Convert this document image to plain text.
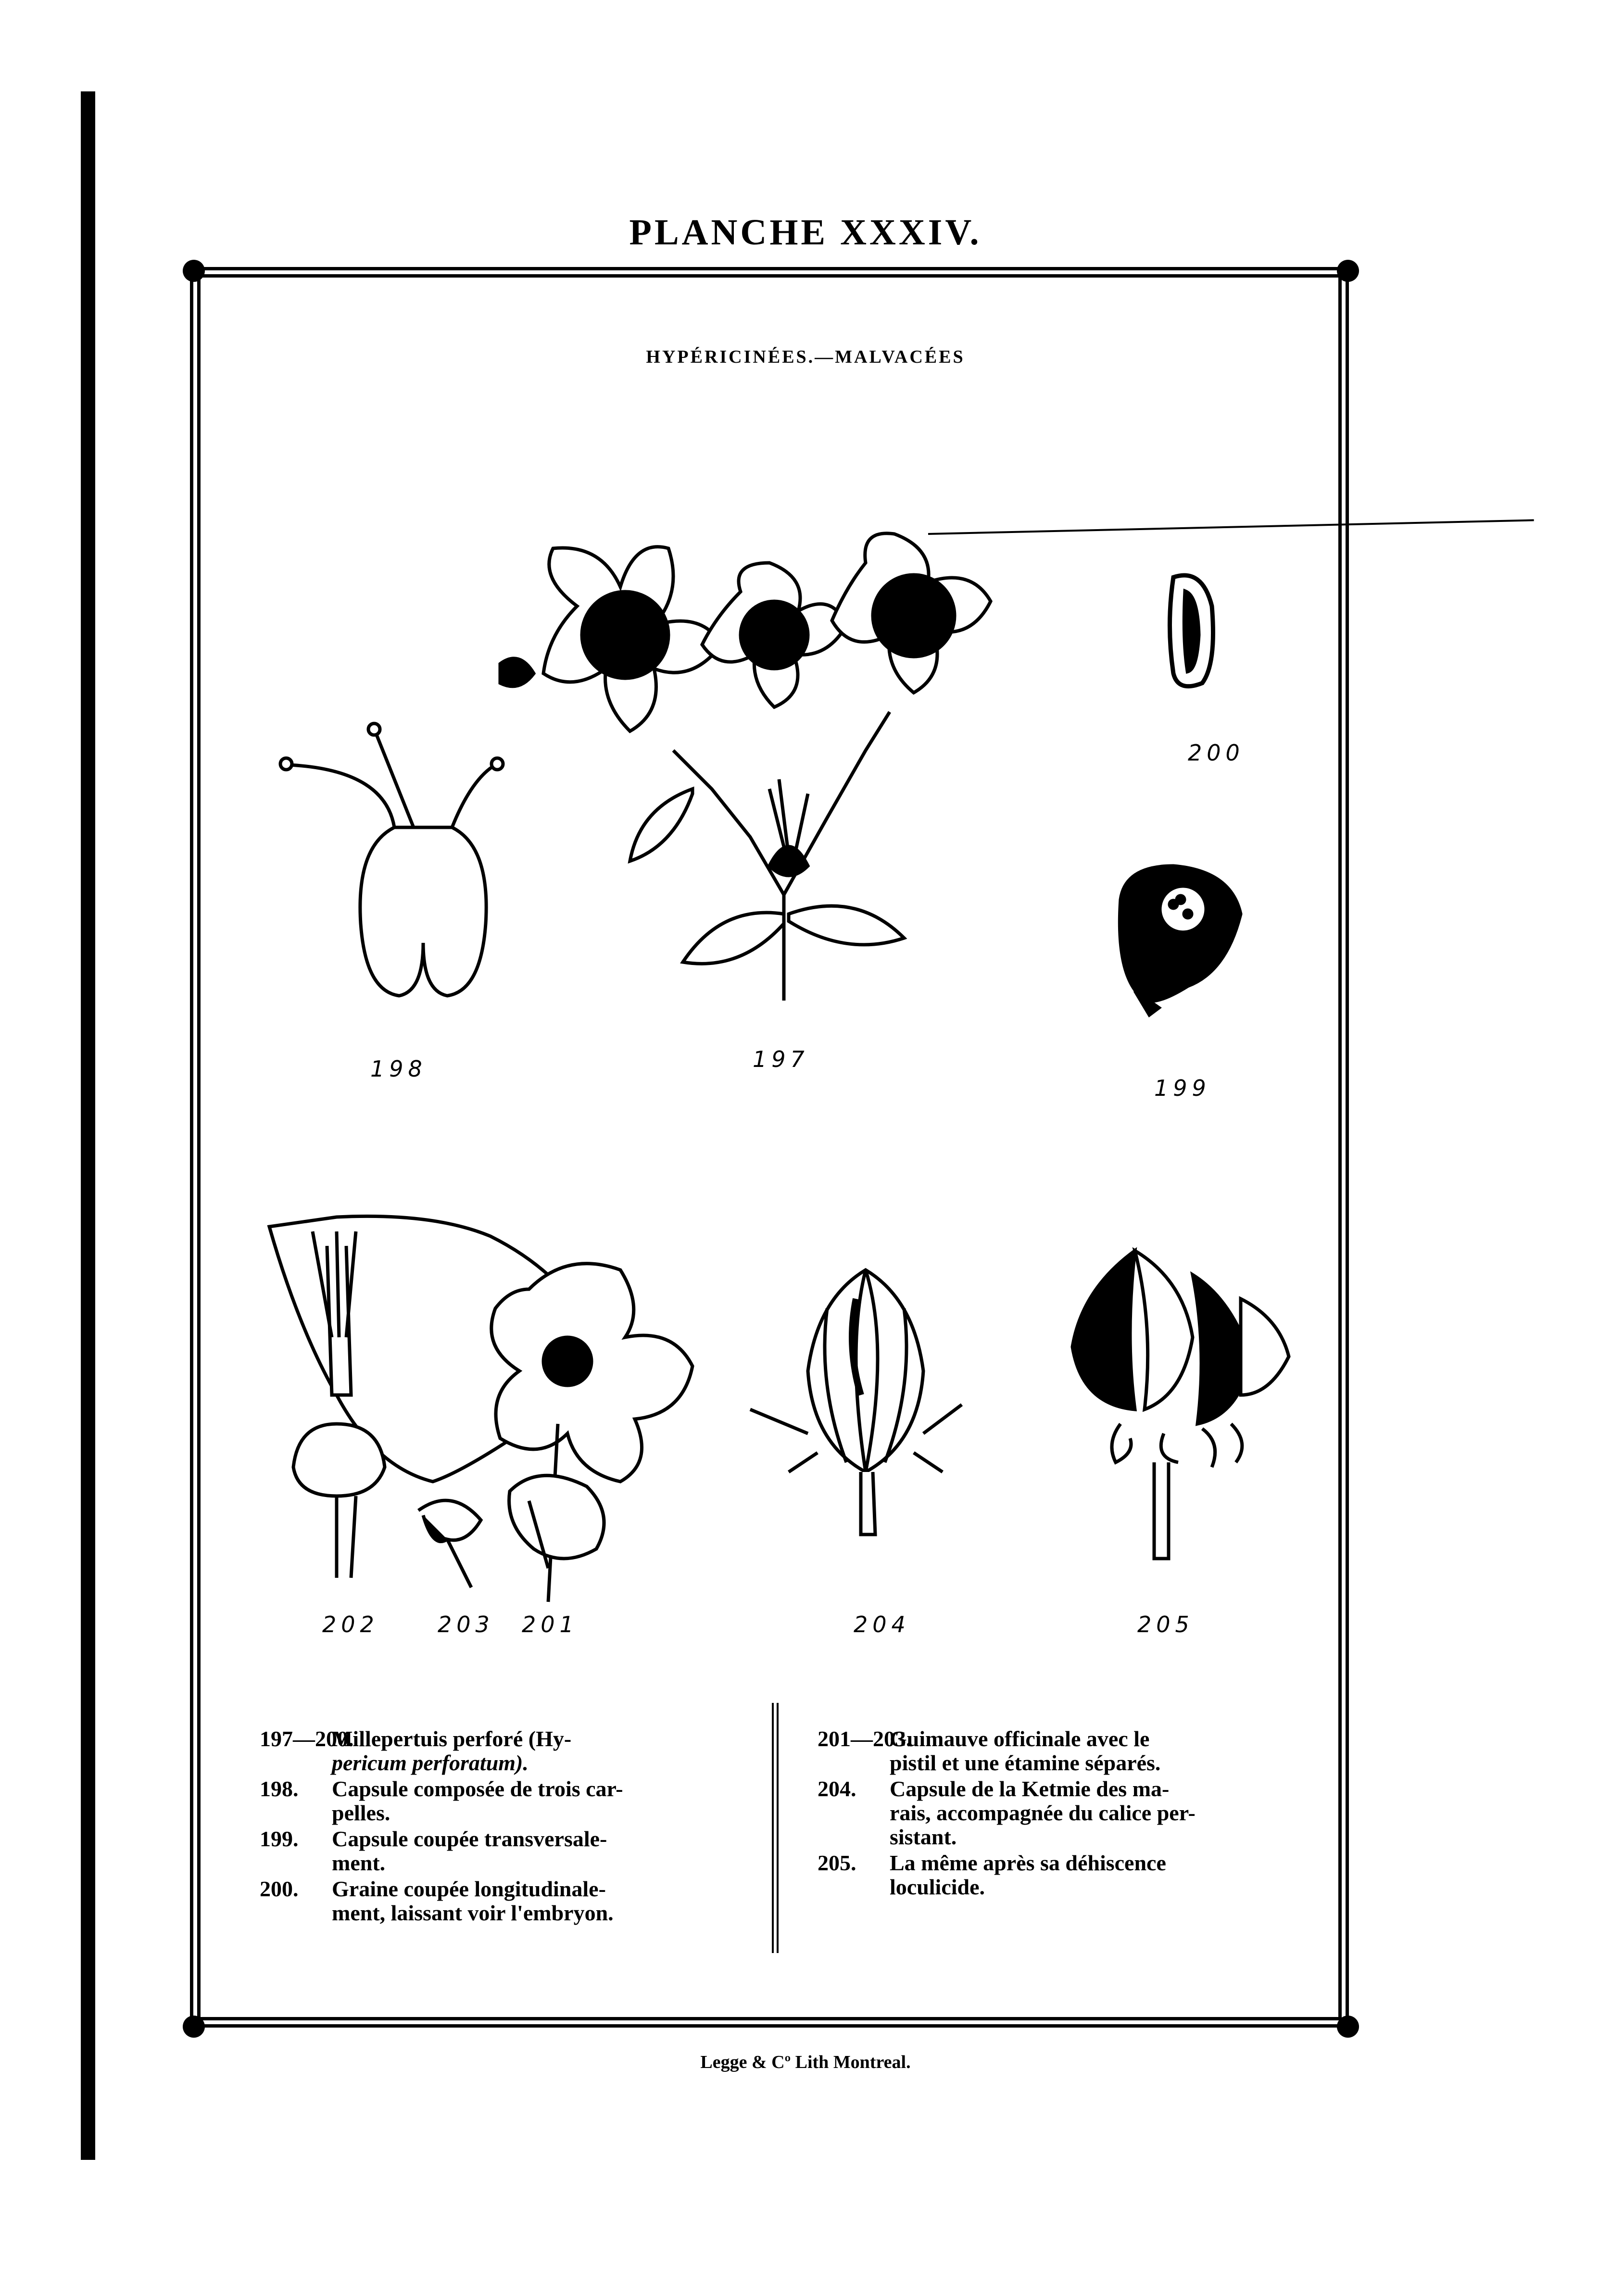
PLANCHE XXXIV.
HYPÉRICINÉES.—MALVACÉES
197
198
199
200
202	203 201	204	205
197—200.
Millepertuis perforé (Hy-
pericum perforatum).
198. Capsule composée de trois car-
pelles.
199. Capsule coupée transversale-
ment.
200. Graine coupée longitudinale-
ment, laissant voir l'embryon.
201—203.
Guimauve officinale avec le
pistil et une étamine séparés.
204. Capsule de la Ketmie des ma-
rais, accompagnée du calice per-
sistant.
205. La même après sa déhiscence
loculicide.
Legge & Cº Lith Montreal.
